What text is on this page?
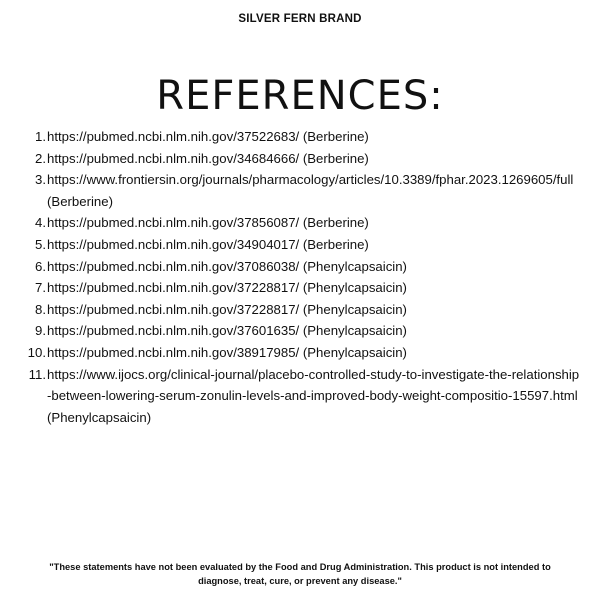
SILVER FERN BRAND
REFERENCES:
1. https://pubmed.ncbi.nlm.nih.gov/37522683/ (Berberine)
2. https://pubmed.ncbi.nlm.nih.gov/34684666/ (Berberine)
3. https://www.frontiersin.org/journals/pharmacology/articles/10.3389/fphar.2023.1269605/full (Berberine)
4. https://pubmed.ncbi.nlm.nih.gov/37856087/ (Berberine)
5. https://pubmed.ncbi.nlm.nih.gov/34904017/ (Berberine)
6. https://pubmed.ncbi.nlm.nih.gov/37086038/ (Phenylcapsaicin)
7. https://pubmed.ncbi.nlm.nih.gov/37228817/ (Phenylcapsaicin)
8. https://pubmed.ncbi.nlm.nih.gov/37228817/ (Phenylcapsaicin)
9. https://pubmed.ncbi.nlm.nih.gov/37601635/ (Phenylcapsaicin)
10. https://pubmed.ncbi.nlm.nih.gov/38917985/ (Phenylcapsaicin)
11. https://www.ijocs.org/clinical-journal/placebo-controlled-study-to-investigate-the-relationship-between-lowering-serum-zonulin-levels-and-improved-body-weight-compositio-15597.html (Phenylcapsaicin)
"These statements have not been evaluated by the Food and Drug Administration. This product is not intended to
diagnose, treat, cure, or prevent any disease."
